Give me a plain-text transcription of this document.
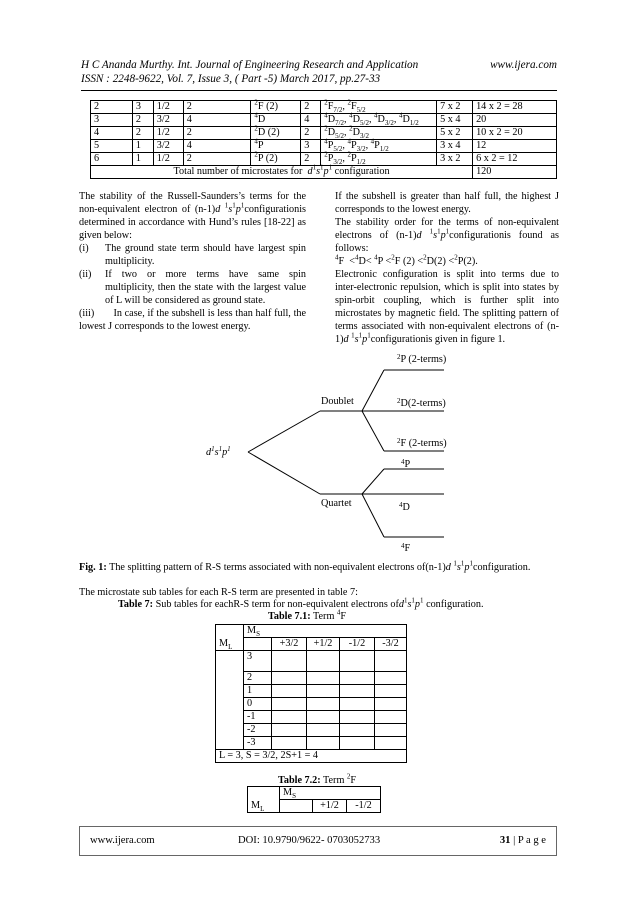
H C Ananda Murthy. Int. Journal of Engineering Research and Application	www.ijera.com
ISSN : 2248-9622, Vol. 7, Issue 3, ( Part -5) March 2017, pp.27-33
2	3	1/2	2	$^2$F (2)	2	$^2F_{7/2}$, $^2F_{5/2}$	7 x 2	14 x 2 = 28
3	2	3/2	4	$^4$D	4	$^4D_{7/2}$, $^4D_{5/2}$, $^4D_{3/2}$, $^4D_{1/2}$	5 x 4	20
4	2	1/2	2	$^2$D (2)	2	$^2D_{5/2}$, $^2D_{3/2}$	5 x 2	10 x 2 = 20
5	1	3/2	4	$^4$P	3	$^4P_{5/2}$, $^4P_{3/2}$, $^4P_{1/2}$	3 x 4	12
6	1	1/2	2	$^2$P (2)	2	$^2P_{3/2}$, $^2P_{1/2}$	3 x 2	6 x 2 = 12
Total number of microstates for  $d^1s^1p^1$ configuration								120

The stability of the Russell-Saunders’s terms for the non-equivalent electron of (n-1)d $^1s^1p^1configurationis$ determined in accordance with Hund’s rules [18-22] as given below:

(i)	The ground state term should have largest spin multiplicity.
(ii)	If two or more terms have same spin multiplicity, then the state with the largest value of L will be considered as ground state.

(iii) In case, if the subshell is less than half full, the lowest J corresponds to the lowest energy.

If the subshell is greater than half full, the highest J corresponds to the lowest energy.

The stability order for the terms of non-equivalent electrons of (n-1)d $^1s^1p^1configurationis$ found as follows:

$^4$F  <$^4$D< $^4$P <$^2$F (2) <$^2$D(2) <$^2$P(2).

Electronic configuration is split into terms due to inter-electronic repulsion, which is split into states by spin-orbit coupling, which is further split into microstates by magnetic field. The splitting pattern of terms associated with non-equivalent electrons of (n-1)d $^1s^1p^1configurationis$ given in figure 1.

$d^1s^1p^1$
Doublet
Quartet
$^2$P (2-terms)
$^2$D(2-terms)
$^2$F (2-terms)
$^4$P
$^4$D
$^4$F
Fig. 1: The splitting pattern of R-S terms associated with non-equivalent electrons of(n-1)d $^1s^1p^1configuration$.
The microstate sub tables for each R-S term are presented in table 7:
Table 7: Sub tables for eachR-S term for non-equivalent electrons $ofd^1s^1p^1$ configuration.
Table 7.1: Term $^4$F
	$M_S$
$M_L$		+3/2	+1/2	-1/2	-3/2
	3				
	2				
	1				
	0				
	-1				
	-2				
	-3				
L = 3, S = 3/2, 2S+1 = 4					
Table 7.2: Term $^2$F
	$M_S$
$M_L$		+1/2	-1/2
www.ijera.com	DOI: 10.9790/9622- 0703052733	31 | P a g e
